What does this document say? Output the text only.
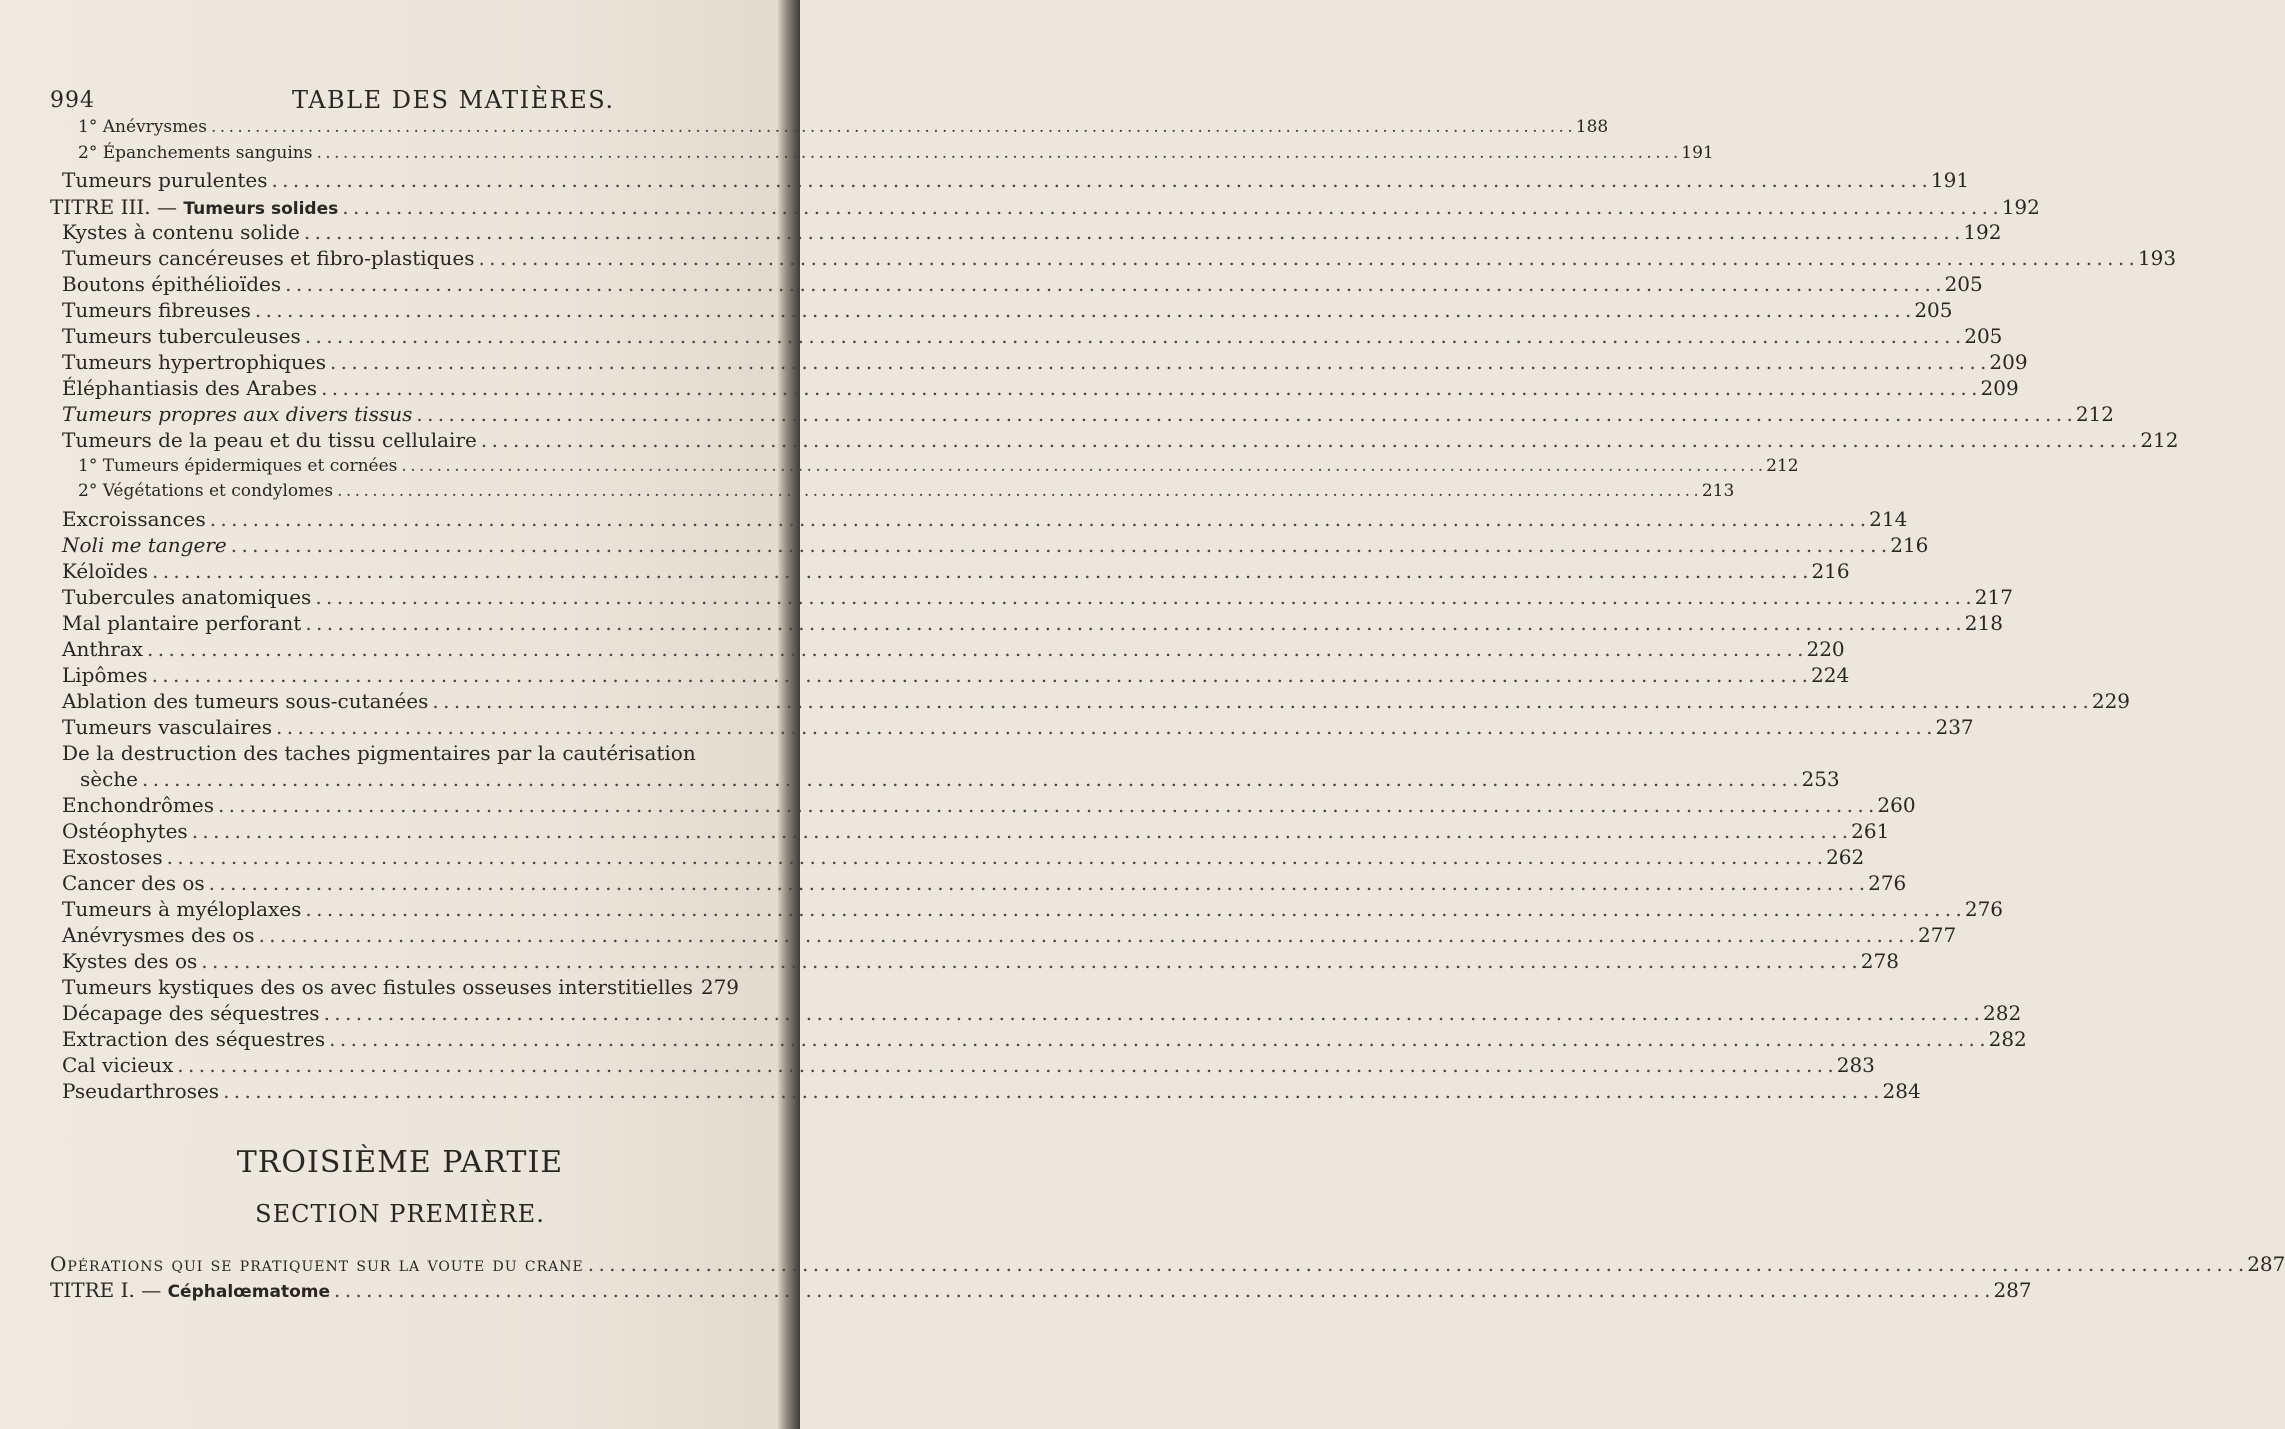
994	TABLE DES MATIÈRES.
1° Anévrysmes . . .	188
2° Épanchements sanguins . . .	191
Tumeurs purulentes . . .	191
TITRE III. — Tumeurs solides . . .	192
Kystes à contenu solide . . .	192
Tumeurs cancéreuses et fibro-plastiques . . .	193
Boutons épithélioïdes . . .	205
Tumeurs fibreuses . . .	205
Tumeurs tuberculeuses . . .	205
Tumeurs hypertrophiques . . .	209
Éléphantiasis des Arabes . . .	209
Tumeurs propres aux divers tissus . . .	212
Tumeurs de la peau et du tissu cellulaire . . .	212
1° Tumeurs épidermiques et cornées . . .	212
2° Végétations et condylomes . . .	213
Excroissances . . .	214
Noli me tangere . . .	216
Kéloïdes . . .	216
Tubercules anatomiques . . .	217
Mal plantaire perforant . . .	218
Anthrax . . .	220
Lipômes . . .	224
Ablation des tumeurs sous-cutanées . . .	229
Tumeurs vasculaires . . .	237
De la destruction des taches pigmentaires par la cautérisation
sèche . . .	253
Enchondrômes . . .	260
Ostéophytes . . .	261
Exostoses . . .	262
Cancer des os . . .	276
Tumeurs à myéloplaxes . . .	276
Anévrysmes des os . . .	277
Kystes des os . . .	278
Tumeurs kystiques des os avec fistules osseuses interstitielles 279
Décapage des séquestres . . .	282
Extraction des séquestres . . .	282
Cal vicieux . . .	283
Pseudarthroses . . .	284
TROISIÈME PARTIE
SECTION PREMIÈRE.
Opérations qui se pratiquent sur la voute du crane . . .	287
TITRE I. — Céphalœmatome . . .	287
